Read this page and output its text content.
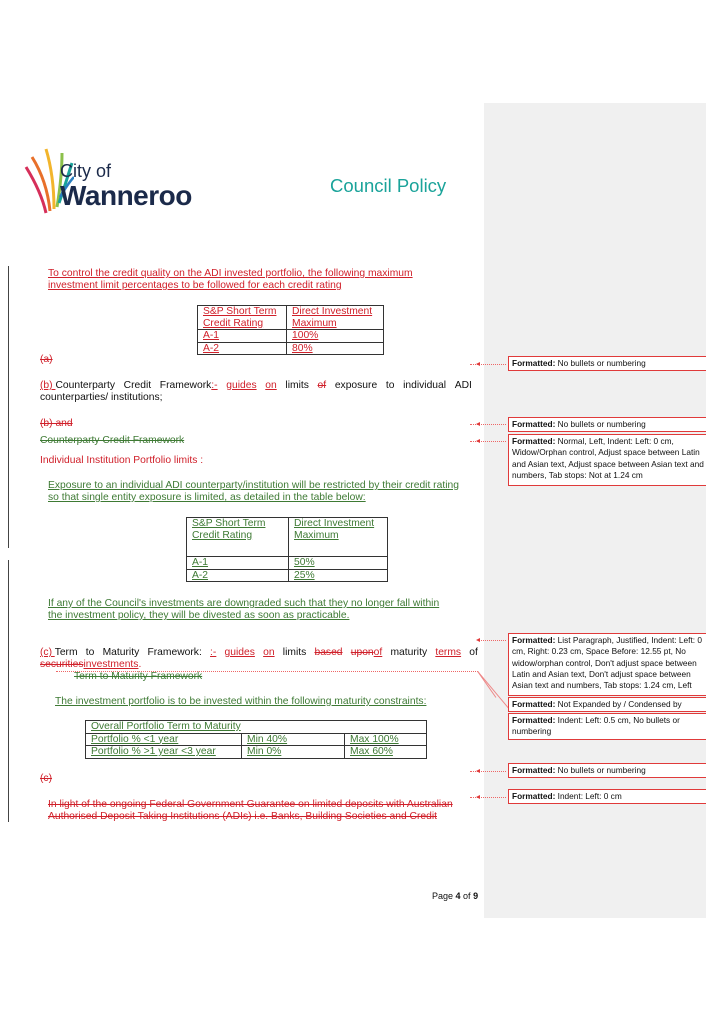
City of
Wanneroo	Council Policy
To control the credit quality on the ADI invested portfolio, the following maximum
investment limit percentages to be followed for each credit rating
S&P Short Term Credit Rating	Direct Investment Maximum
A-1	100%
A-2	80%
(a)
(b) Counterparty Credit Framework:- guides on limits of exposure to individual ADI
counterparties/ institutions;
(b) and
Counterparty Credit Framework
Individual Institution Portfolio limits :
Exposure to an individual ADI counterparty/institution will be restricted by their credit rating
so that single entity exposure is limited, as detailed in the table below:
S&P Short Term Credit Rating	Direct Investment Maximum
A-1	50%
A-2	25%
If any of the Council's investments are downgraded such that they no longer fall within
the investment policy, they will be divested as soon as practicable.
(c) Term to Maturity Framework: :- guides on limits based uponof maturity terms of
securitiesinvestments.
Term to Maturity Framework
The investment portfolio is to be invested within the following maturity constraints:
Overall Portfolio Term to Maturity		
Portfolio % <1 year	Min 40%	Max 100%
Portfolio % >1 year <3 year	Min 0%	Max 60%
(c)
In light of the ongoing Federal Government Guarantee on limited deposits with Australian
Authorised Deposit Taking Institutions (ADIs) i.e. Banks, Building Societies and Credit
Page 4 of 9
Formatted: No bullets or numbering
Formatted: No bullets or numbering
Formatted: Normal, Left, Indent: Left: 0 cm, Widow/Orphan control, Adjust space between Latin and Asian text, Adjust space between Asian text and numbers, Tab stops: Not at 1.24 cm
Formatted: List Paragraph, Justified, Indent: Left: 0 cm, Right: 0.23 cm, Space Before: 12.55 pt, No widow/orphan control, Don't adjust space between Latin and Asian text, Don't adjust space between Asian text and numbers, Tab stops: 1.24 cm, Left
Formatted: Not Expanded by / Condensed by
Formatted: Indent: Left: 0.5 cm, No bullets or numbering
Formatted: No bullets or numbering
Formatted: Indent: Left: 0 cm
